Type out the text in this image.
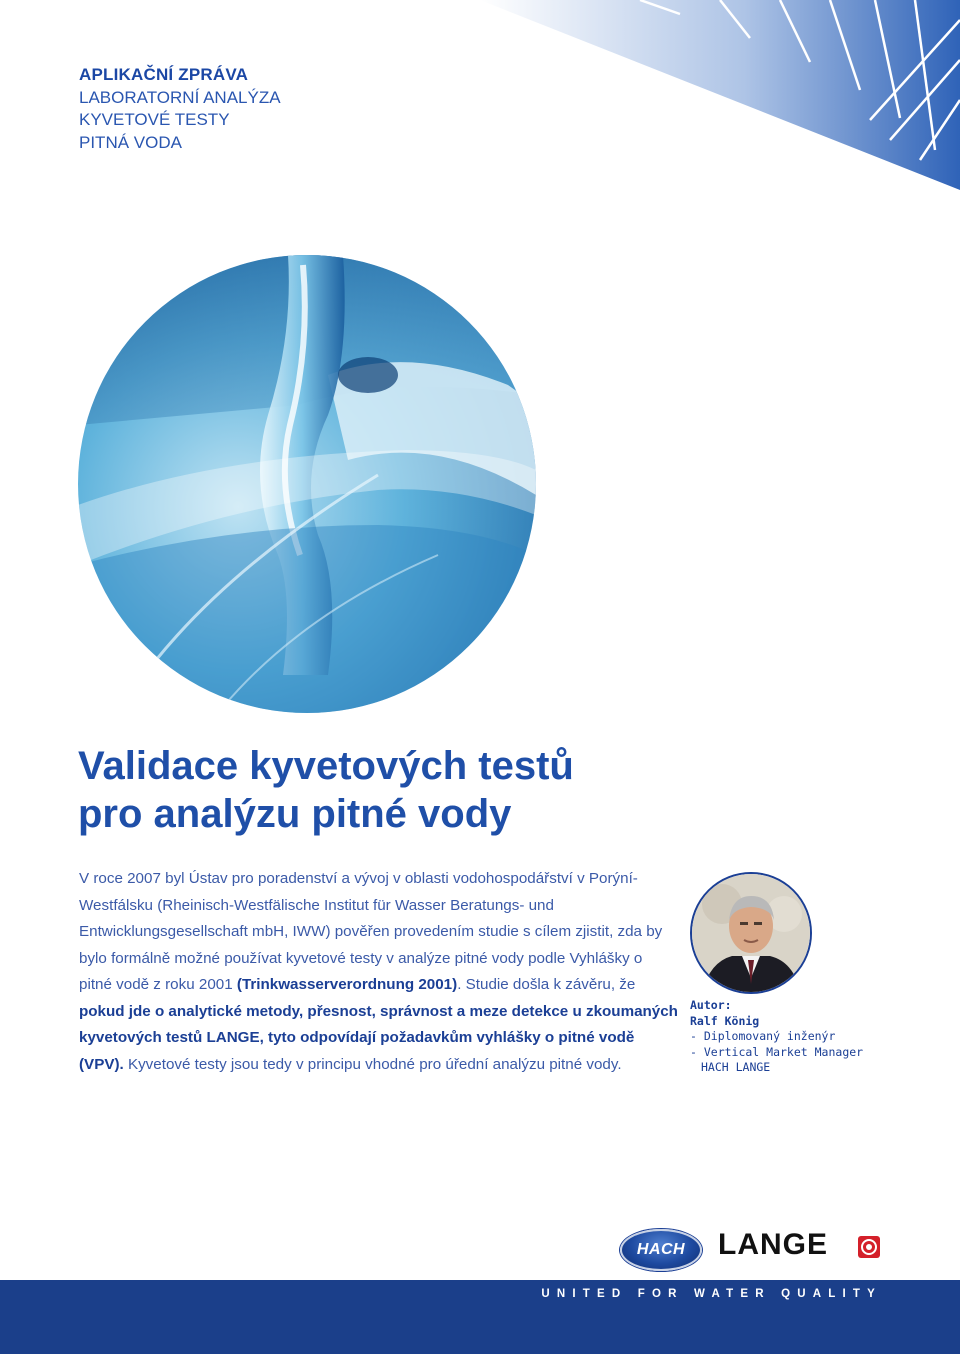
APLIKAČNÍ ZPRÁVA
LABORATORNÍ ANALÝZA
KYVETOVÉ TESTY
PITNÁ VODA
Validace kyvetových testů
pro analýzu pitné vody

V roce 2007 byl Ústav pro poradenství a vývoj v oblasti vodohospodářství v Porýní-Westfálsku (Rheinisch-Westfälische Institut für Wasser Beratungs- und Entwicklungsgesellschaft mbH, IWW) pověřen provedením studie s cílem zjistit, zda by bylo formálně možné používat kyvetové testy v analýze pitné vody podle Vyhlášky o pitné vodě z roku 2001 (Trinkwasserverordnung 2001). Studie došla k závěru, že pokud jde o analytické metody, přesnost, správnost a meze detekce u zkoumaných kyvetových testů LANGE, tyto odpovídají požadavkům vyhlášky o pitné vodě (VPV). Kyvetové testy jsou tedy v principu vhodné pro úřední analýzu pitné vody.

Autor:
Ralf König
- Diplomovaný inženýr
- Vertical Market Manager
HACH LANGE
HACH LANGE
UNITED FOR WATER QUALITY
